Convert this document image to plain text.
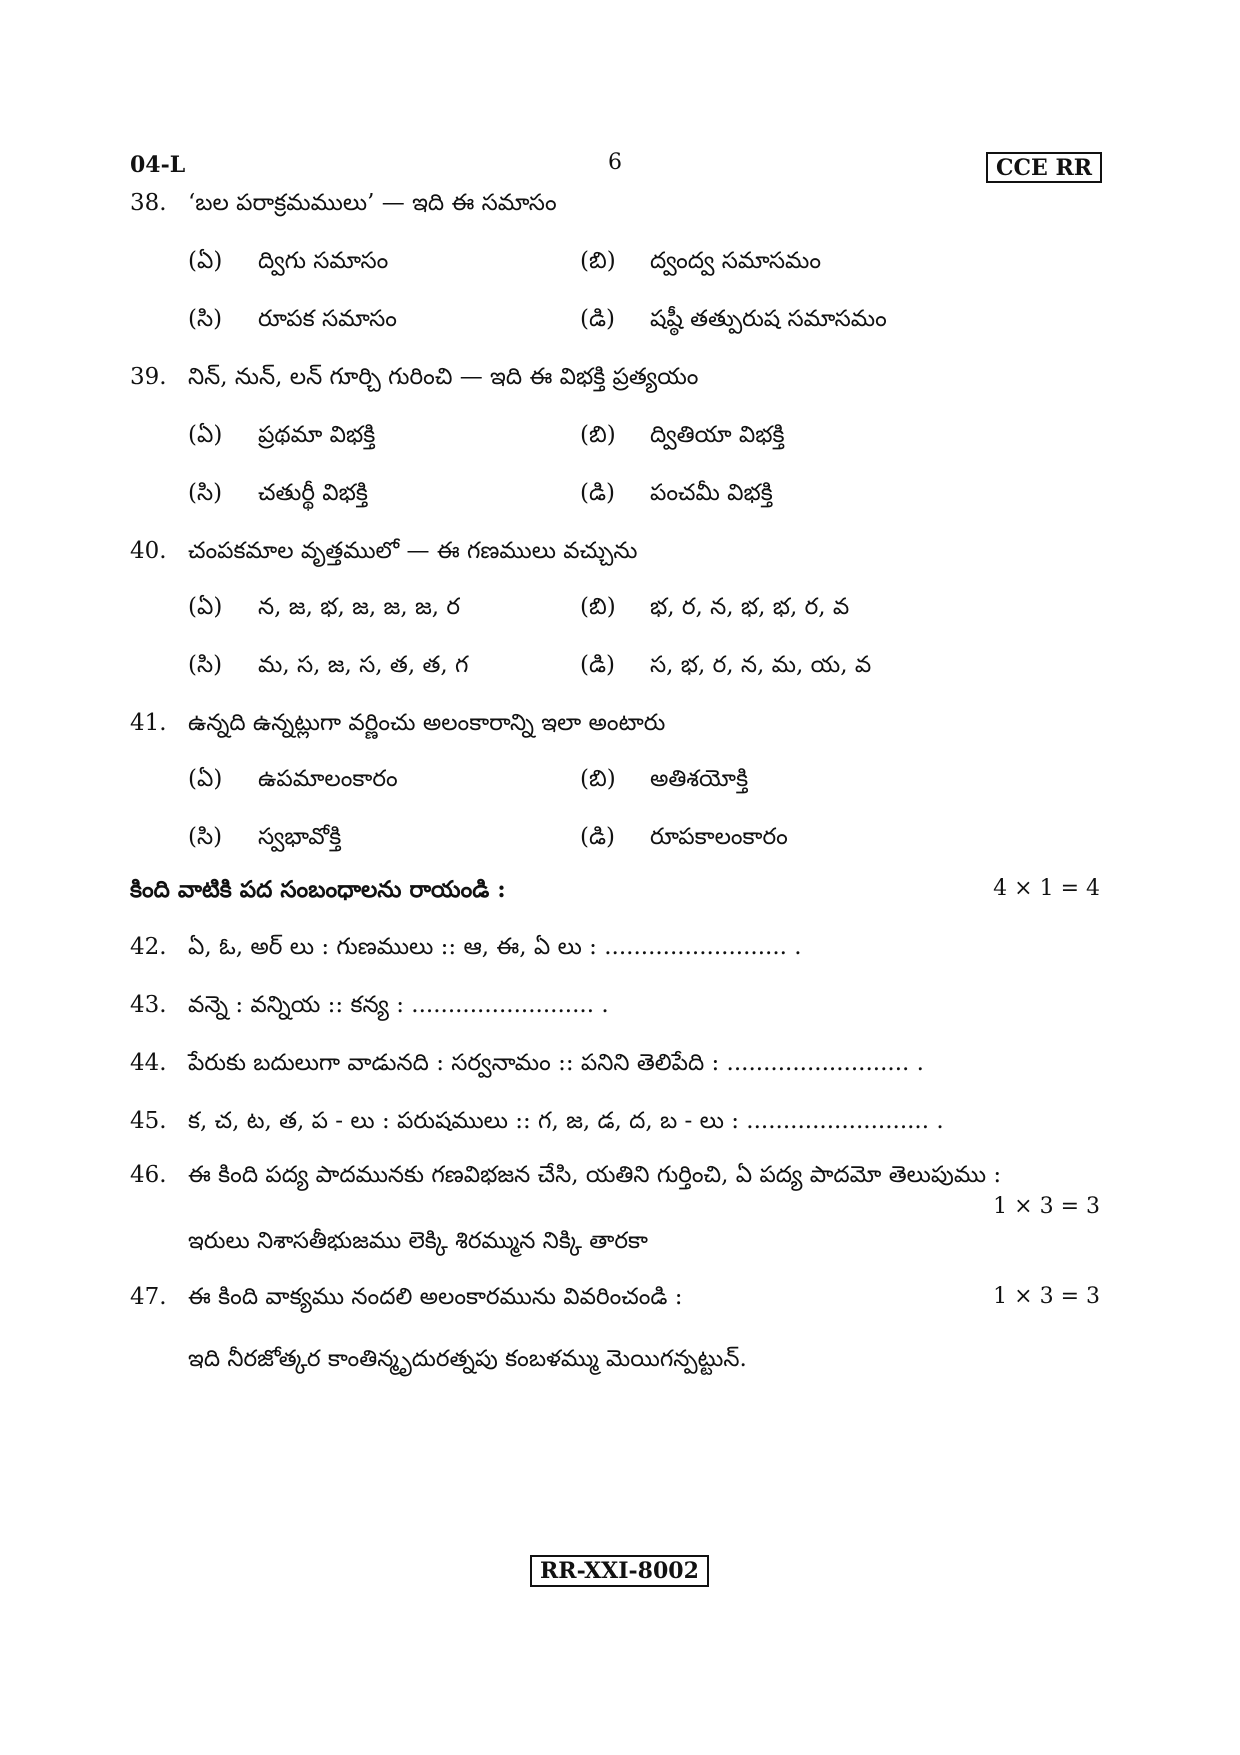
04-L	6	CCE RR
38. ‘బల పరాక్రమములు’ — ఇది ఈ సమాసం
(ఏ) ద్విగు సమాసం	(బి) ద్వంద్వ సమాసమం
(సి) రూపక సమాసం	(డి) షష్ఠీ తత్పురుష సమాసమం
39. నిన్, నున్, లన్ గూర్చి గురించి — ఇది ఈ విభక్తి ప్రత్యయం
(ఏ) ప్రథమా విభక్తి	(బి) ద్వితియా విభక్తి
(సి) చతుర్థీ విభక్తి	(డి) పంచమీ విభక్తి
40. చంపకమాల వృత్తములో — ఈ గణములు వచ్చును
(ఏ) న, జ, భ, జ, జ, జ, ర	(బి) భ, ర, న, భ, భ, ర, వ
(సి) మ, స, జ, స, త, త, గ	(డి) స, భ, ర, న, మ, య, వ
41. ఉన్నది ఉన్నట్లుగా వర్ణించు అలంకారాన్ని ఇలా అంటారు
(ఏ) ఉపమాలంకారం	(బి) అతిశయోక్తి
(సి) స్వభావోక్తి	(డి) రూపకాలంకారం
కింది వాటికి పద సంబంధాలను రాయండి :	4 × 1 = 4
42. ఏ, ఓ, అర్ లు : గుణములు :: ఆ, ఈ, ఏ లు : ......................... .
43. వన్నె : వన్నియ :: కన్య : ......................... .
44. పేరుకు బదులుగా వాడునది : సర్వనామం :: పనిని తెలిపేది : ......................... .
45. క, చ, ట, త, ప - లు : పరుషములు :: గ, జ, డ, ద, బ - లు : ......................... .
46. ఈ కింది పద్య పాదమునకు గణవిభజన చేసి, యతిని గుర్తించి, ఏ పద్య పాదమో తెలుపుము :
1 × 3 = 3
ఇరులు నిశాసతీభుజము లెక్కి శిరమ్మున నిక్కి తారకా
47. ఈ కింది వాక్యము నందలి అలంకారమును వివరించండి :	1 × 3 = 3
ఇది నీరజోత్కర కాంతిన్మృదురత్నపు కంబళమ్ము మెయిగన్పట్టున్.
RR-XXI-8002
